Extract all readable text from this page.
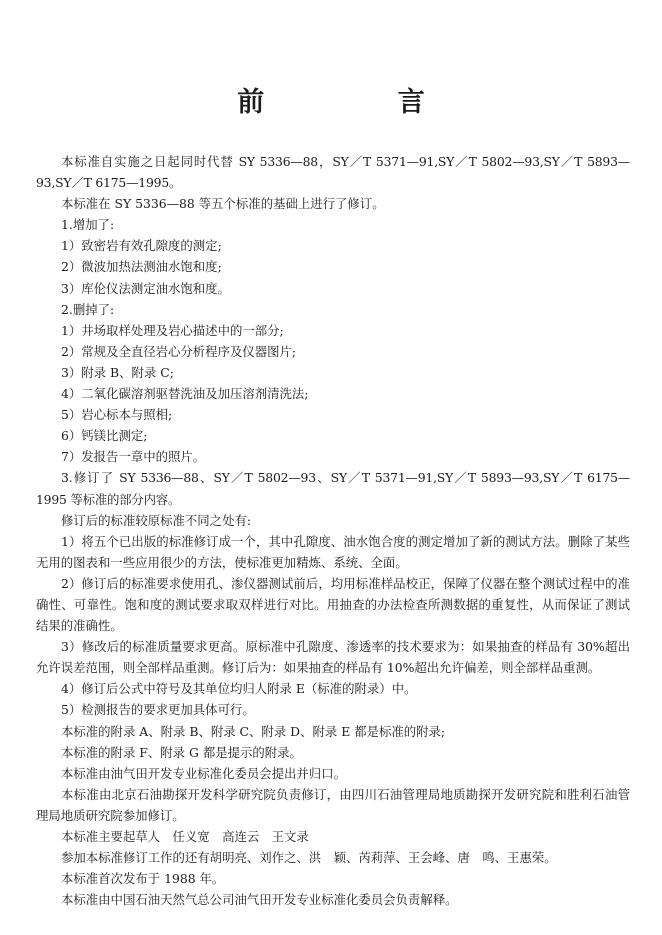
前 言

本标准自实施之日起同时代替 SY 5336—88，SY／T 5371—91,SY／T 5802—93,SY／T 5893—93,SY／T 6175—1995。

本标准在 SY 5336—88 等五个标准的基础上进行了修订。

1.增加了:

1）致密岩有效孔隙度的测定;

2）微波加热法测油水饱和度;

3）库伦仪法测定油水饱和度。

2.删掉了:

1）井场取样处理及岩心描述中的一部分;

2）常规及全直径岩心分析程序及仪器图片;

3）附录 B、附录 C;

4）二氧化碳溶剂驱替洗油及加压溶剂清洗法;

5）岩心标本与照相;

6）钙镁比测定;

7）发报告一章中的照片。

3.修订了 SY 5336—88、SY／T 5802—93、SY／T 5371—91,SY／T 5893—93,SY／T 6175—1995 等标准的部分内容。

修订后的标准较原标准不同之处有:

1）将五个已出版的标准修订成一个，其中孔隙度、油水饱合度的测定增加了新的测试方法。删除了某些无用的图表和一些应用很少的方法，使标准更加精炼、系统、全面。

2）修订后的标准要求使用孔、渗仪器测试前后，均用标准样品校正，保障了仪器在整个测试过程中的准确性、可靠性。饱和度的测试要求取双样进行对比。用抽查的办法检查所测数据的重复性，从而保证了测试结果的准确性。

3）修改后的标准质量要求更高。原标准中孔隙度、渗透率的技术要求为：如果抽查的样品有 30%超出允许误差范围，则全部样品重测。修订后为：如果抽查的样品有 10%超出允许偏差，则全部样品重测。

4）修订后公式中符号及其单位均归人附录 E（标准的附录）中。

5）检测报告的要求更加具体可行。

本标准的附录 A、附录 B、附录 C、附录 D、附录 E 都是标准的附录;

本标准的附录 F、附录 G 都是提示的附录。

本标准由油气田开发专业标准化委员会提出并归口。

本标准由北京石油勘探开发科学研究院负责修订，由四川石油管理局地质勘探开发研究院和胜利石油管理局地质研究院参加修订。

本标准主要起草人　任义宽　高连云　王文录

参加本标准修订工作的还有胡明亮、刘作之、洪　颖、芮莉萍、王会峰、唐　鸣、王惠荣。

本标准首次发布于 1988 年。

本标准由中国石油天然气总公司油气田开发专业标准化委员会负责解释。
